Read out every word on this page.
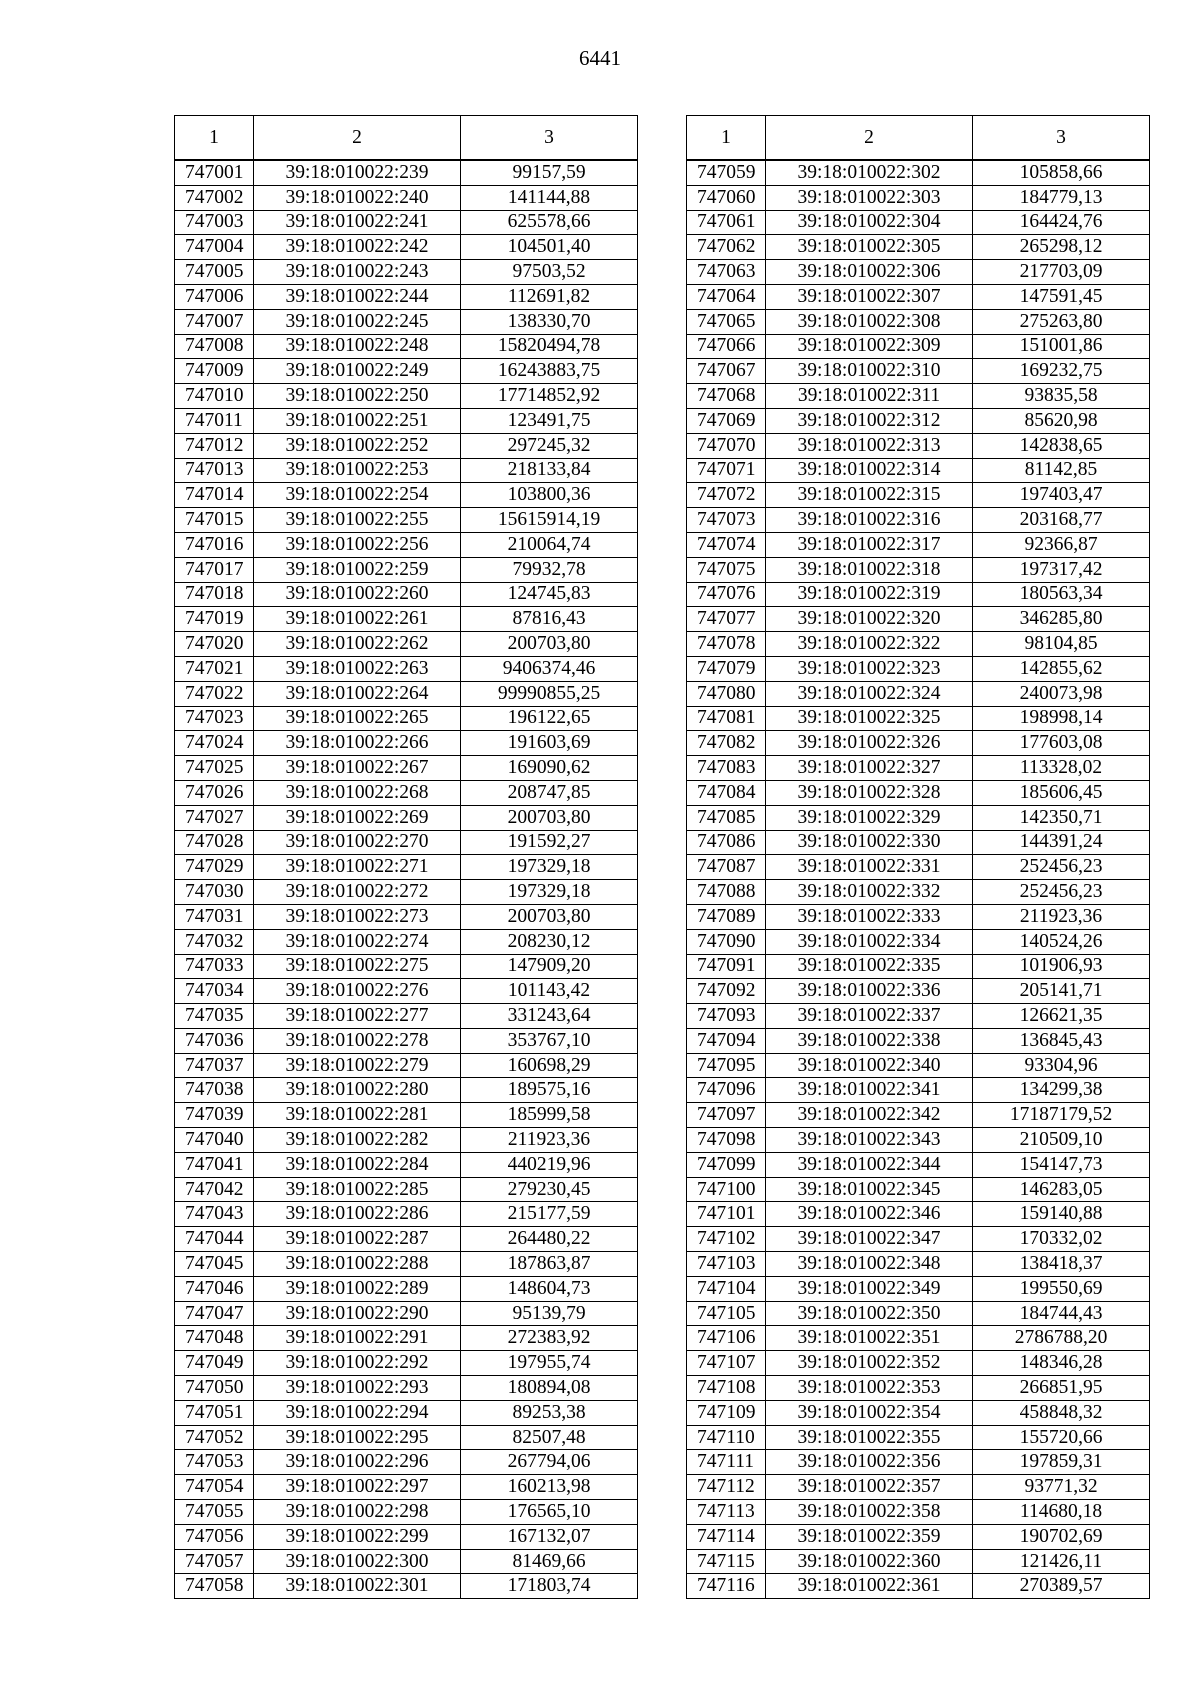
6441
1	2	3
747001	39:18:010022:239	99157,59
747002	39:18:010022:240	141144,88
747003	39:18:010022:241	625578,66
747004	39:18:010022:242	104501,40
747005	39:18:010022:243	97503,52
747006	39:18:010022:244	112691,82
747007	39:18:010022:245	138330,70
747008	39:18:010022:248	15820494,78
747009	39:18:010022:249	16243883,75
747010	39:18:010022:250	17714852,92
747011	39:18:010022:251	123491,75
747012	39:18:010022:252	297245,32
747013	39:18:010022:253	218133,84
747014	39:18:010022:254	103800,36
747015	39:18:010022:255	15615914,19
747016	39:18:010022:256	210064,74
747017	39:18:010022:259	79932,78
747018	39:18:010022:260	124745,83
747019	39:18:010022:261	87816,43
747020	39:18:010022:262	200703,80
747021	39:18:010022:263	9406374,46
747022	39:18:010022:264	99990855,25
747023	39:18:010022:265	196122,65
747024	39:18:010022:266	191603,69
747025	39:18:010022:267	169090,62
747026	39:18:010022:268	208747,85
747027	39:18:010022:269	200703,80
747028	39:18:010022:270	191592,27
747029	39:18:010022:271	197329,18
747030	39:18:010022:272	197329,18
747031	39:18:010022:273	200703,80
747032	39:18:010022:274	208230,12
747033	39:18:010022:275	147909,20
747034	39:18:010022:276	101143,42
747035	39:18:010022:277	331243,64
747036	39:18:010022:278	353767,10
747037	39:18:010022:279	160698,29
747038	39:18:010022:280	189575,16
747039	39:18:010022:281	185999,58
747040	39:18:010022:282	211923,36
747041	39:18:010022:284	440219,96
747042	39:18:010022:285	279230,45
747043	39:18:010022:286	215177,59
747044	39:18:010022:287	264480,22
747045	39:18:010022:288	187863,87
747046	39:18:010022:289	148604,73
747047	39:18:010022:290	95139,79
747048	39:18:010022:291	272383,92
747049	39:18:010022:292	197955,74
747050	39:18:010022:293	180894,08
747051	39:18:010022:294	89253,38
747052	39:18:010022:295	82507,48
747053	39:18:010022:296	267794,06
747054	39:18:010022:297	160213,98
747055	39:18:010022:298	176565,10
747056	39:18:010022:299	167132,07
747057	39:18:010022:300	81469,66
747058	39:18:010022:301	171803,74
1	2	3
747059	39:18:010022:302	105858,66
747060	39:18:010022:303	184779,13
747061	39:18:010022:304	164424,76
747062	39:18:010022:305	265298,12
747063	39:18:010022:306	217703,09
747064	39:18:010022:307	147591,45
747065	39:18:010022:308	275263,80
747066	39:18:010022:309	151001,86
747067	39:18:010022:310	169232,75
747068	39:18:010022:311	93835,58
747069	39:18:010022:312	85620,98
747070	39:18:010022:313	142838,65
747071	39:18:010022:314	81142,85
747072	39:18:010022:315	197403,47
747073	39:18:010022:316	203168,77
747074	39:18:010022:317	92366,87
747075	39:18:010022:318	197317,42
747076	39:18:010022:319	180563,34
747077	39:18:010022:320	346285,80
747078	39:18:010022:322	98104,85
747079	39:18:010022:323	142855,62
747080	39:18:010022:324	240073,98
747081	39:18:010022:325	198998,14
747082	39:18:010022:326	177603,08
747083	39:18:010022:327	113328,02
747084	39:18:010022:328	185606,45
747085	39:18:010022:329	142350,71
747086	39:18:010022:330	144391,24
747087	39:18:010022:331	252456,23
747088	39:18:010022:332	252456,23
747089	39:18:010022:333	211923,36
747090	39:18:010022:334	140524,26
747091	39:18:010022:335	101906,93
747092	39:18:010022:336	205141,71
747093	39:18:010022:337	126621,35
747094	39:18:010022:338	136845,43
747095	39:18:010022:340	93304,96
747096	39:18:010022:341	134299,38
747097	39:18:010022:342	17187179,52
747098	39:18:010022:343	210509,10
747099	39:18:010022:344	154147,73
747100	39:18:010022:345	146283,05
747101	39:18:010022:346	159140,88
747102	39:18:010022:347	170332,02
747103	39:18:010022:348	138418,37
747104	39:18:010022:349	199550,69
747105	39:18:010022:350	184744,43
747106	39:18:010022:351	2786788,20
747107	39:18:010022:352	148346,28
747108	39:18:010022:353	266851,95
747109	39:18:010022:354	458848,32
747110	39:18:010022:355	155720,66
747111	39:18:010022:356	197859,31
747112	39:18:010022:357	93771,32
747113	39:18:010022:358	114680,18
747114	39:18:010022:359	190702,69
747115	39:18:010022:360	121426,11
747116	39:18:010022:361	270389,57
